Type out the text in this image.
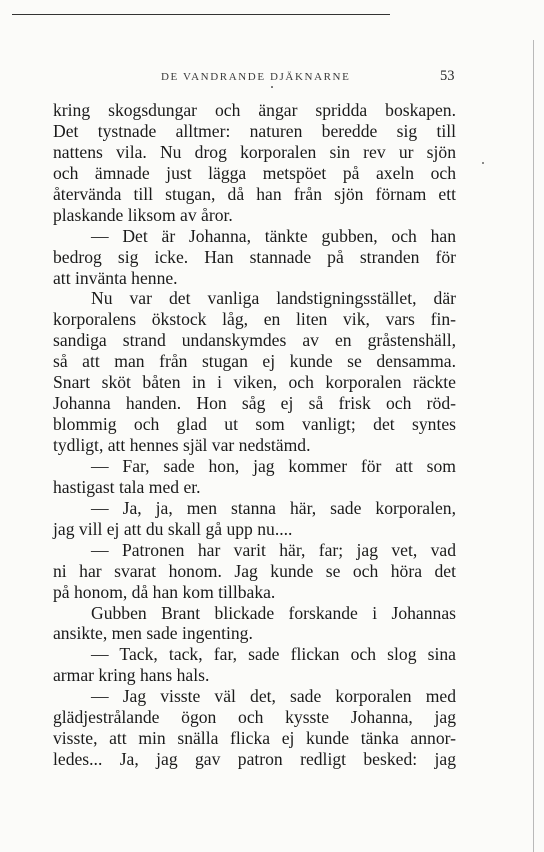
DE VANDRANDE DJÄKNARNE	53
kring skogsdungar och ängar spridda boskapen.
Det tystnade alltmer: naturen beredde sig till
nattens vila. Nu drog korporalen sin rev ur sjön
och ämnade just lägga metspöet på axeln och
återvända till stugan, då han från sjön förnam ett
plaskande liksom av åror.
— Det är Johanna, tänkte gubben, och han
bedrog sig icke. Han stannade på stranden för
att invänta henne.
Nu var det vanliga landstigningsstället, där
korporalens ökstock låg, en liten vik, vars fin-
sandiga strand undanskymdes av en gråstenshäll,
så att man från stugan ej kunde se densamma.
Snart sköt båten in i viken, och korporalen räckte
Johanna handen. Hon såg ej så frisk och röd-
blommig och glad ut som vanligt; det syntes
tydligt, att hennes själ var nedstämd.
— Far, sade hon, jag kommer för att som
hastigast tala med er.
— Ja, ja, men stanna här, sade korporalen,
jag vill ej att du skall gå upp nu....
— Patronen har varit här, far; jag vet, vad
ni har svarat honom. Jag kunde se och höra det
på honom, då han kom tillbaka.
Gubben Brant blickade forskande i Johannas
ansikte, men sade ingenting.
— Tack, tack, far, sade flickan och slog sina
armar kring hans hals.
— Jag visste väl det, sade korporalen med
glädjestrålande ögon och kysste Johanna, jag
visste, att min snälla flicka ej kunde tänka annor-
ledes... Ja, jag gav patron redligt besked: jag
